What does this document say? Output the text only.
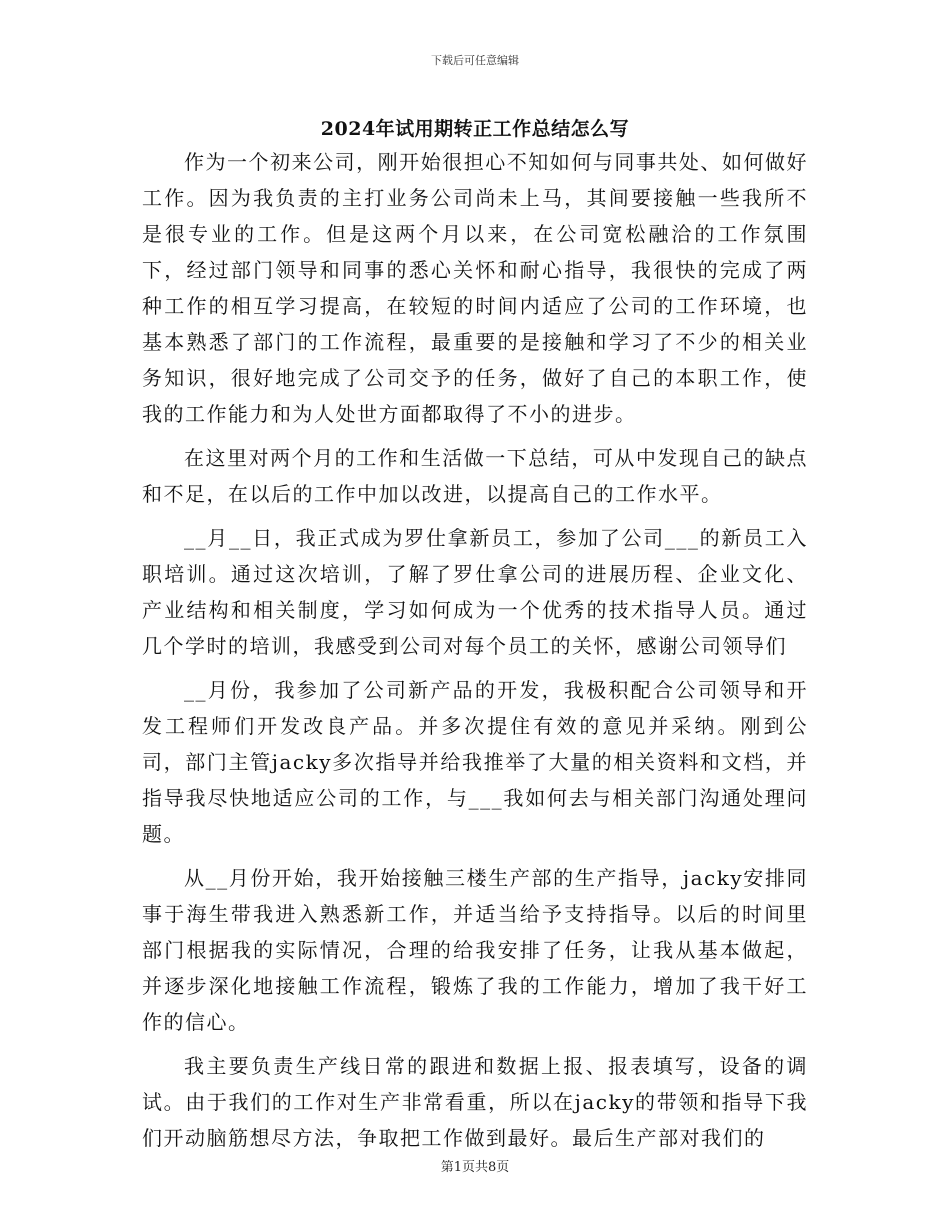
下载后可任意编辑
2024年试用期转正工作总结怎么写

作为一个初来公司，刚开始很担心不知如何与同事共处、如何做好工作。因为我负责的主打业务公司尚未上马，其间要接触一些我所不是很专业的工作。但是这两个月以来，在公司宽松融洽的工作氛围下，经过部门领导和同事的悉心关怀和耐心指导，我很快的完成了两种工作的相互学习提高，在较短的时间内适应了公司的工作环境，也基本熟悉了部门的工作流程，最重要的是接触和学习了不少的相关业务知识，很好地完成了公司交予的任务，做好了自己的本职工作，使我的工作能力和为人处世方面都取得了不小的进步。

在这里对两个月的工作和生活做一下总结，可从中发现自己的缺点和不足，在以后的工作中加以改进，以提高自己的工作水平。

__月__日，我正式成为罗仕拿新员工，参加了公司___的新员工入职培训。通过这次培训，了解了罗仕拿公司的进展历程、企业文化、产业结构和相关制度，学习如何成为一个优秀的技术指导人员。通过几个学时的培训，我感受到公司对每个员工的关怀，感谢公司领导们

__月份，我参加了公司新产品的开发，我极积配合公司领导和开发工程师们开发改良产品。并多次提住有效的意见并采纳。刚到公司，部门主管jacky多次指导并给我推举了大量的相关资料和文档，并指导我尽快地适应公司的工作，与___我如何去与相关部门沟通处理问题。

从__月份开始，我开始接触三楼生产部的生产指导，jacky安排同事于海生带我进入熟悉新工作，并适当给予支持指导。以后的时间里部门根据我的实际情况，合理的给我安排了任务，让我从基本做起，并逐步深化地接触工作流程，锻炼了我的工作能力，增加了我干好工作的信心。

我主要负责生产线日常的跟进和数据上报、报表填写，设备的调试。由于我们的工作对生产非常看重，所以在jacky的带领和指导下我们开动脑筋想尽方法，争取把工作做到最好。最后生产部对我们的

第1页共8页
